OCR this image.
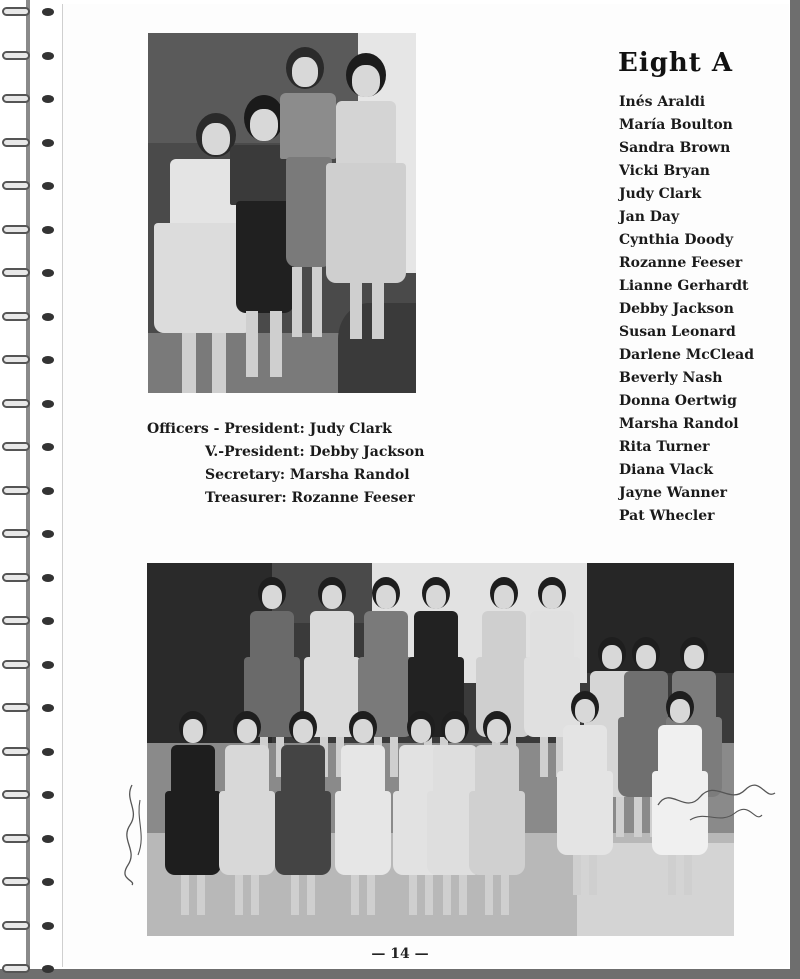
Eight A
Inés Araldi
María Boulton
Sandra Brown
Vicki Bryan
Judy Clark
Jan Day
Cynthia Doody
Rozanne Feeser
Lianne Gerhardt
Debby Jackson
Susan Leonard
Darlene McClead
Beverly Nash
Donna Oertwig
Marsha Randol
Rita Turner
Diana Vlack
Jayne Wanner
Pat Whecler
Officers - President: Judy Clark
V.-President: Debby Jackson
Secretary: Marsha Randol
Treasurer: Rozanne Feeser
— 14 —
